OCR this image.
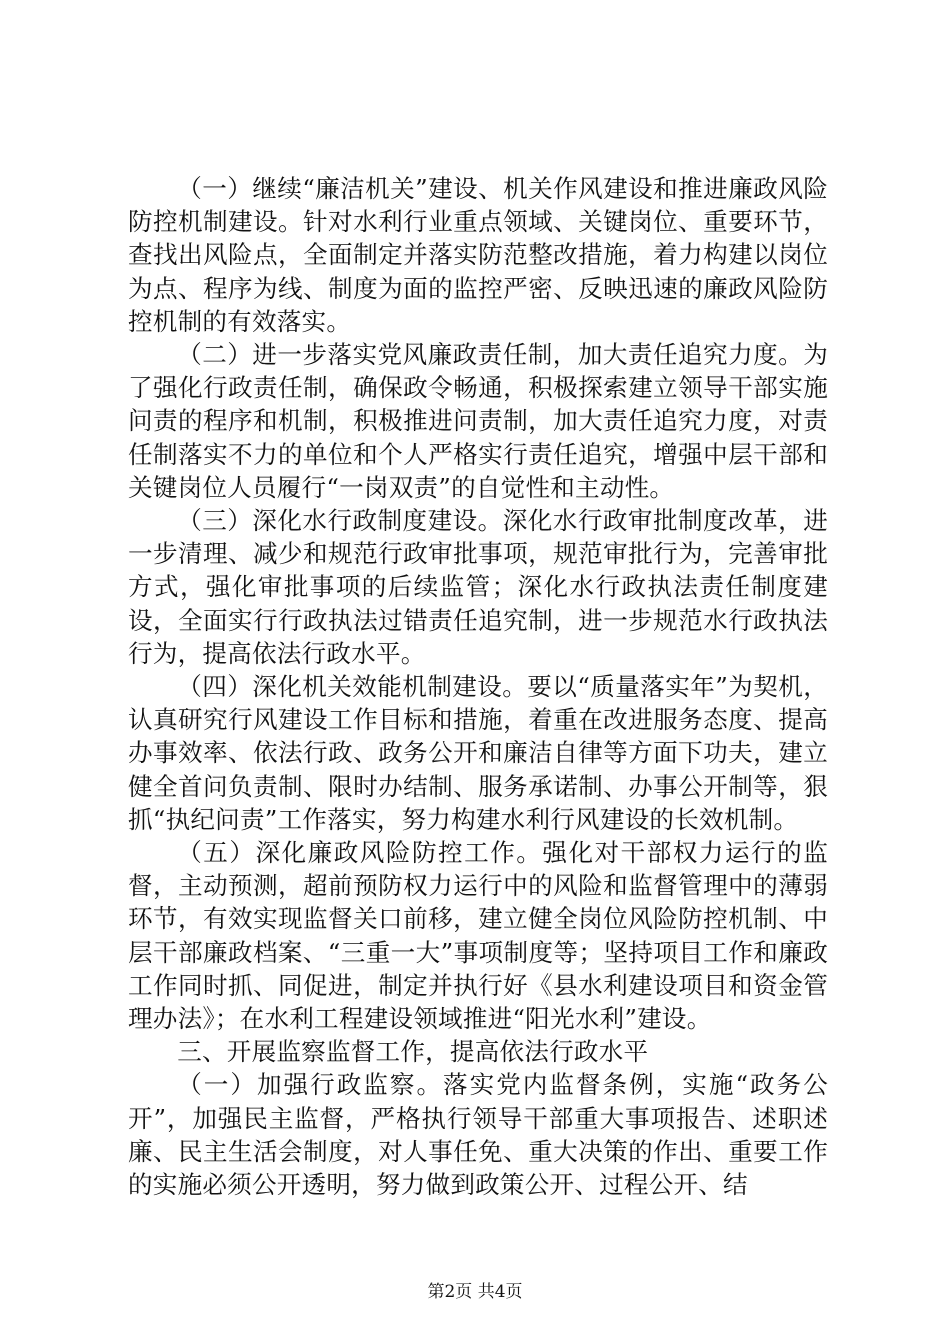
（一）继续“廉洁机关”建设、机关作风建设和推进廉政风险防控机制建设。针对水利行业重点领域、关键岗位、重要环节，查找出风险点，全面制定并落实防范整改措施，着力构建以岗位为点、程序为线、制度为面的监控严密、反映迅速的廉政风险防控机制的有效落实。

（二）进一步落实党风廉政责任制，加大责任追究力度。为了强化行政责任制，确保政令畅通，积极探索建立领导干部实施问责的程序和机制，积极推进问责制，加大责任追究力度，对责任制落实不力的单位和个人严格实行责任追究，增强中层干部和关键岗位人员履行“一岗双责”的自觉性和主动性。

（三）深化水行政制度建设。深化水行政审批制度改革，进一步清理、减少和规范行政审批事项，规范审批行为，完善审批方式，强化审批事项的后续监管；深化水行政执法责任制度建设，全面实行行政执法过错责任追究制，进一步规范水行政执法行为，提高依法行政水平。

（四）深化机关效能机制建设。要以“质量落实年”为契机，认真研究行风建设工作目标和措施，着重在改进服务态度、提高办事效率、依法行政、政务公开和廉洁自律等方面下功夫，建立健全首问负责制、限时办结制、服务承诺制、办事公开制等，狠抓“执纪问责”工作落实，努力构建水利行风建设的长效机制。

（五）深化廉政风险防控工作。强化对干部权力运行的监督，主动预测，超前预防权力运行中的风险和监督管理中的薄弱环节，有效实现监督关口前移，建立健全岗位风险防控机制、中层干部廉政档案、“三重一大”事项制度等；坚持项目工作和廉政工作同时抓、同促进，制定并执行好《县水利建设项目和资金管理办法》；在水利工程建设领域推进“阳光水利”建设。

三、开展监察监督工作，提高依法行政水平

（一）加强行政监察。落实党内监督条例，实施“政务公开”，加强民主监督，严格执行领导干部重大事项报告、述职述廉、民主生活会制度，对人事任免、重大决策的作出、重要工作的实施必须公开透明，努力做到政策公开、过程公开、结

第2页 共4页
